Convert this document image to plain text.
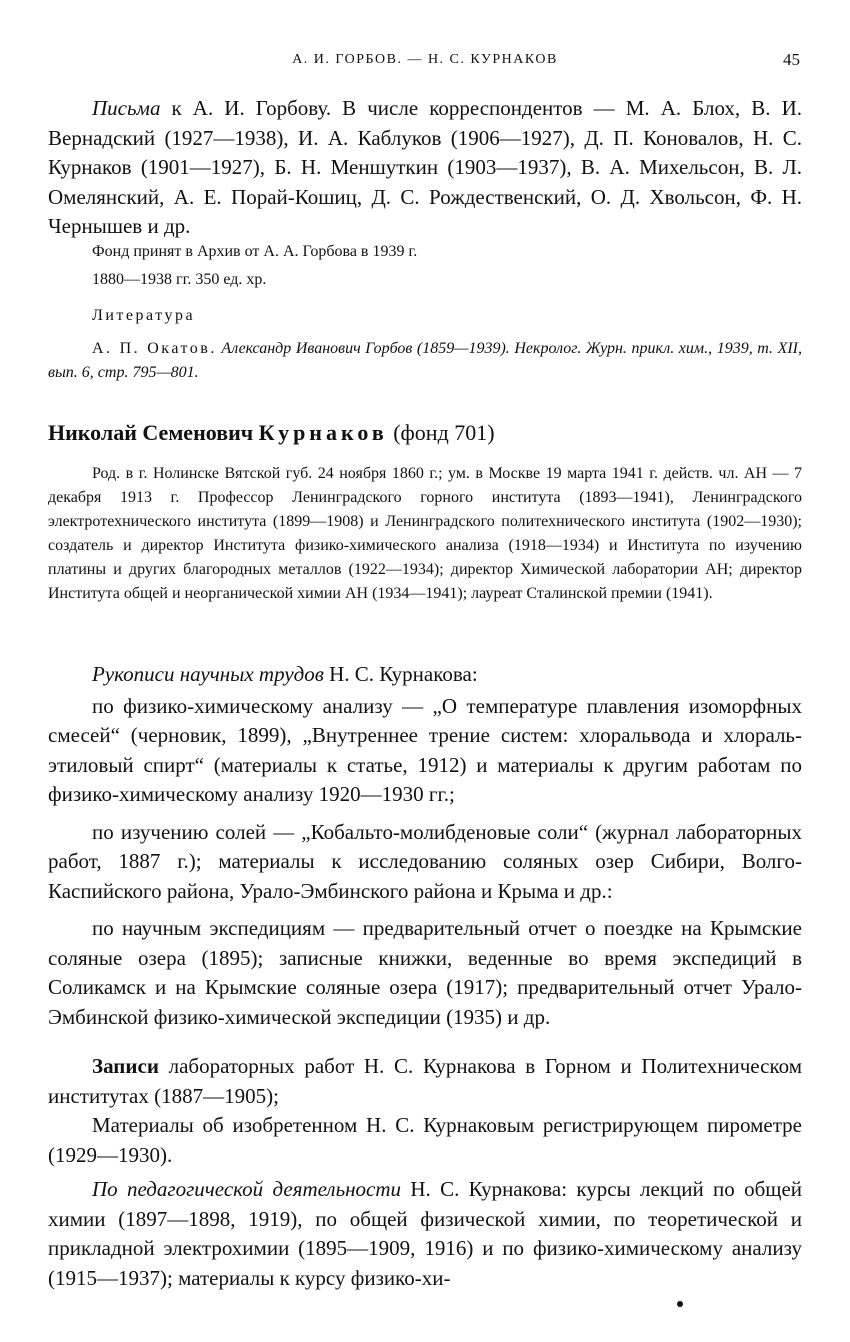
А. И. ГОРБОВ. — Н. С. КУРНАКОВ	45

Письма к А. И. Горбову. В числе корреспондентов — М. А. Блох, В. И. Вернадский (1927—1938), И. А. Каблуков (1906—1927), Д. П. Коновалов, Н. С. Курнаков (1901—1927), Б. Н. Меншуткин (1903—1937), В. А. Михельсон, В. Л. Омелянский, А. Е. Порай-Кошиц, Д. С. Рождественский, О. Д. Хвольсон, Ф. Н. Чернышев и др.

Фонд принят в Архив от А. А. Горбова в 1939 г.

1880—1938 гг. 350 ед. хр.

Литература

А. П. Окатов. Александр Иванович Горбов (1859—1939). Некролог. Журн. прикл. хим., 1939, т. XII, вып. 6, стр. 795—801.

Николай Семенович Курнаков (фонд 701)

Род. в г. Нолинске Вятской губ. 24 ноября 1860 г.; ум. в Москве 19 марта 1941 г. действ. чл. АН — 7 декабря 1913 г. Профессор Ленинградского горного института (1893—1941), Ленинградского электротехнического института (1899—1908) и Ленинградского политехнического института (1902—1930); создатель и директор Института физико-химического анализа (1918—1934) и Института по изучению платины и других благородных металлов (1922—1934); директор Химической лаборатории АН; директор Института общей и неорганической химии АН (1934—1941); лауреат Сталинской премии (1941).

Рукописи научных трудов Н. С. Курнакова:

по физико-химическому анализу — „О температуре плавления изоморфных смесей“ (черновик, 1899), „Внутреннее трение систем: хлоральвода и хлораль-этиловый спирт“ (материалы к статье, 1912) и материалы к другим работам по физико-химическому анализу 1920—1930 гг.;

по изучению солей — „Кобальто-молибденовые соли“ (журнал лабораторных работ, 1887 г.); материалы к исследованию соляных озер Сибири, Волго-Каспийского района, Урало-Эмбинского района и Крыма и др.:

по научным экспедициям — предварительный отчет о поездке на Крымские соляные озера (1895); записные книжки, веденные во время экспедиций в Соликамск и на Крымские соляные озера (1917); предварительный отчет Урало-Эмбинской физико-химической экспедиции (1935) и др.

Записи лабораторных работ Н. С. Курнакова в Горном и Политехническом институтах (1887—1905);

Материалы об изобретенном Н. С. Курнаковым регистрирующем пирометре (1929—1930).

По педагогической деятельности Н. С. Курнакова: курсы лекций по общей химии (1897—1898, 1919), по общей физической химии, по теоретической и прикладной электрохимии (1895—1909, 1916) и по физико-химическому анализу (1915—1937); материалы к курсу физико-хи-
